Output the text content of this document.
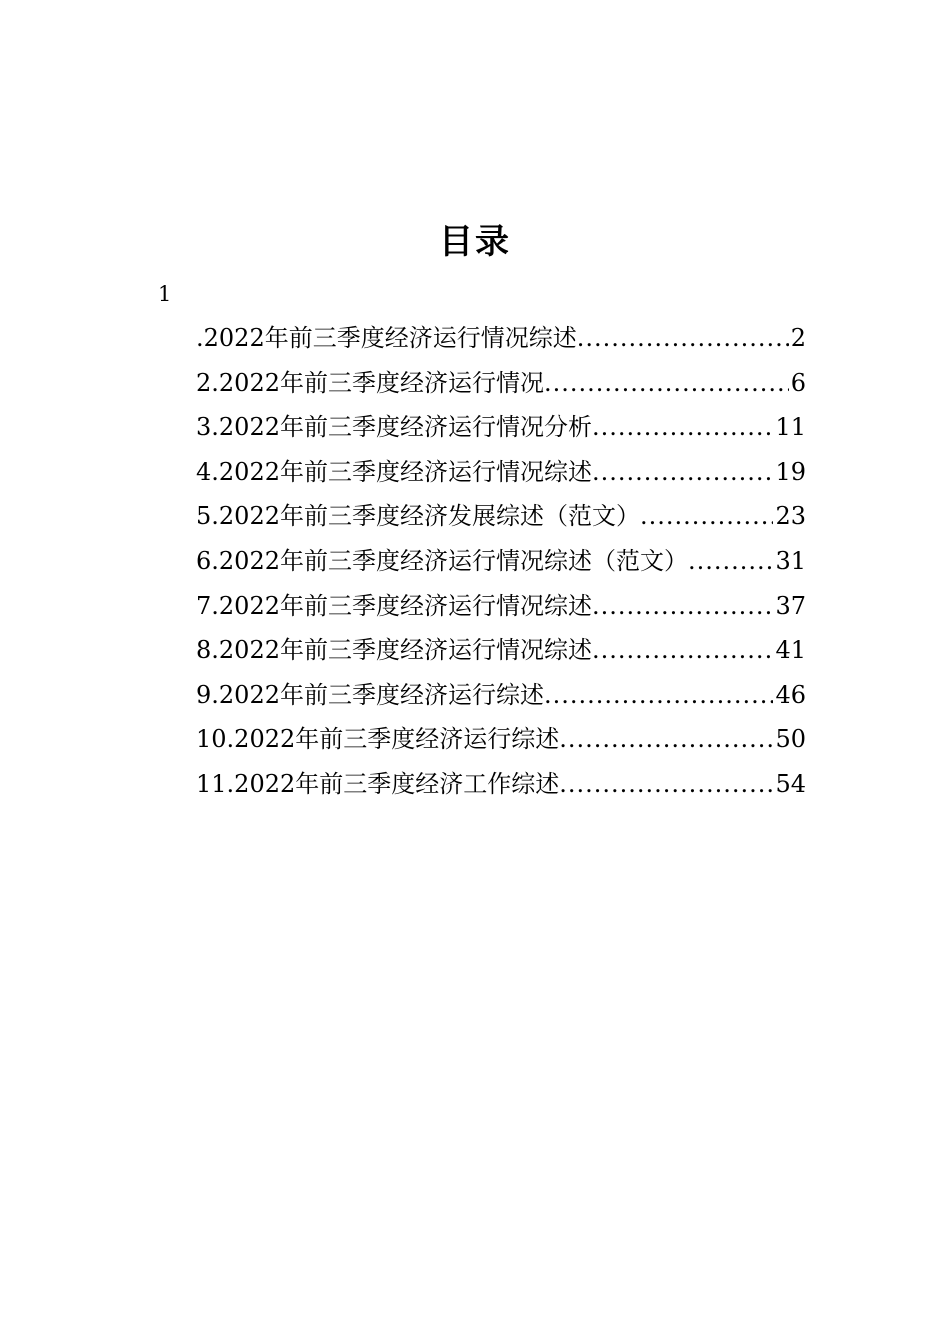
目录
1
.2022年前三季度经济运行情况综述 .....	2
2.2022年前三季度经济运行情况 .....	6
3.2022年前三季度经济运行情况分析 .....	11
4.2022年前三季度经济运行情况综述 .....	19
5.2022年前三季度经济发展综述（范文） .....	23
6.2022年前三季度经济运行情况综述（范文） .....	31
7.2022年前三季度经济运行情况综述 .....	37
8.2022年前三季度经济运行情况综述 .....	41
9.2022年前三季度经济运行综述 .....	46
10.2022年前三季度经济运行综述 .....	50
11.2022年前三季度经济工作综述 .....	54
